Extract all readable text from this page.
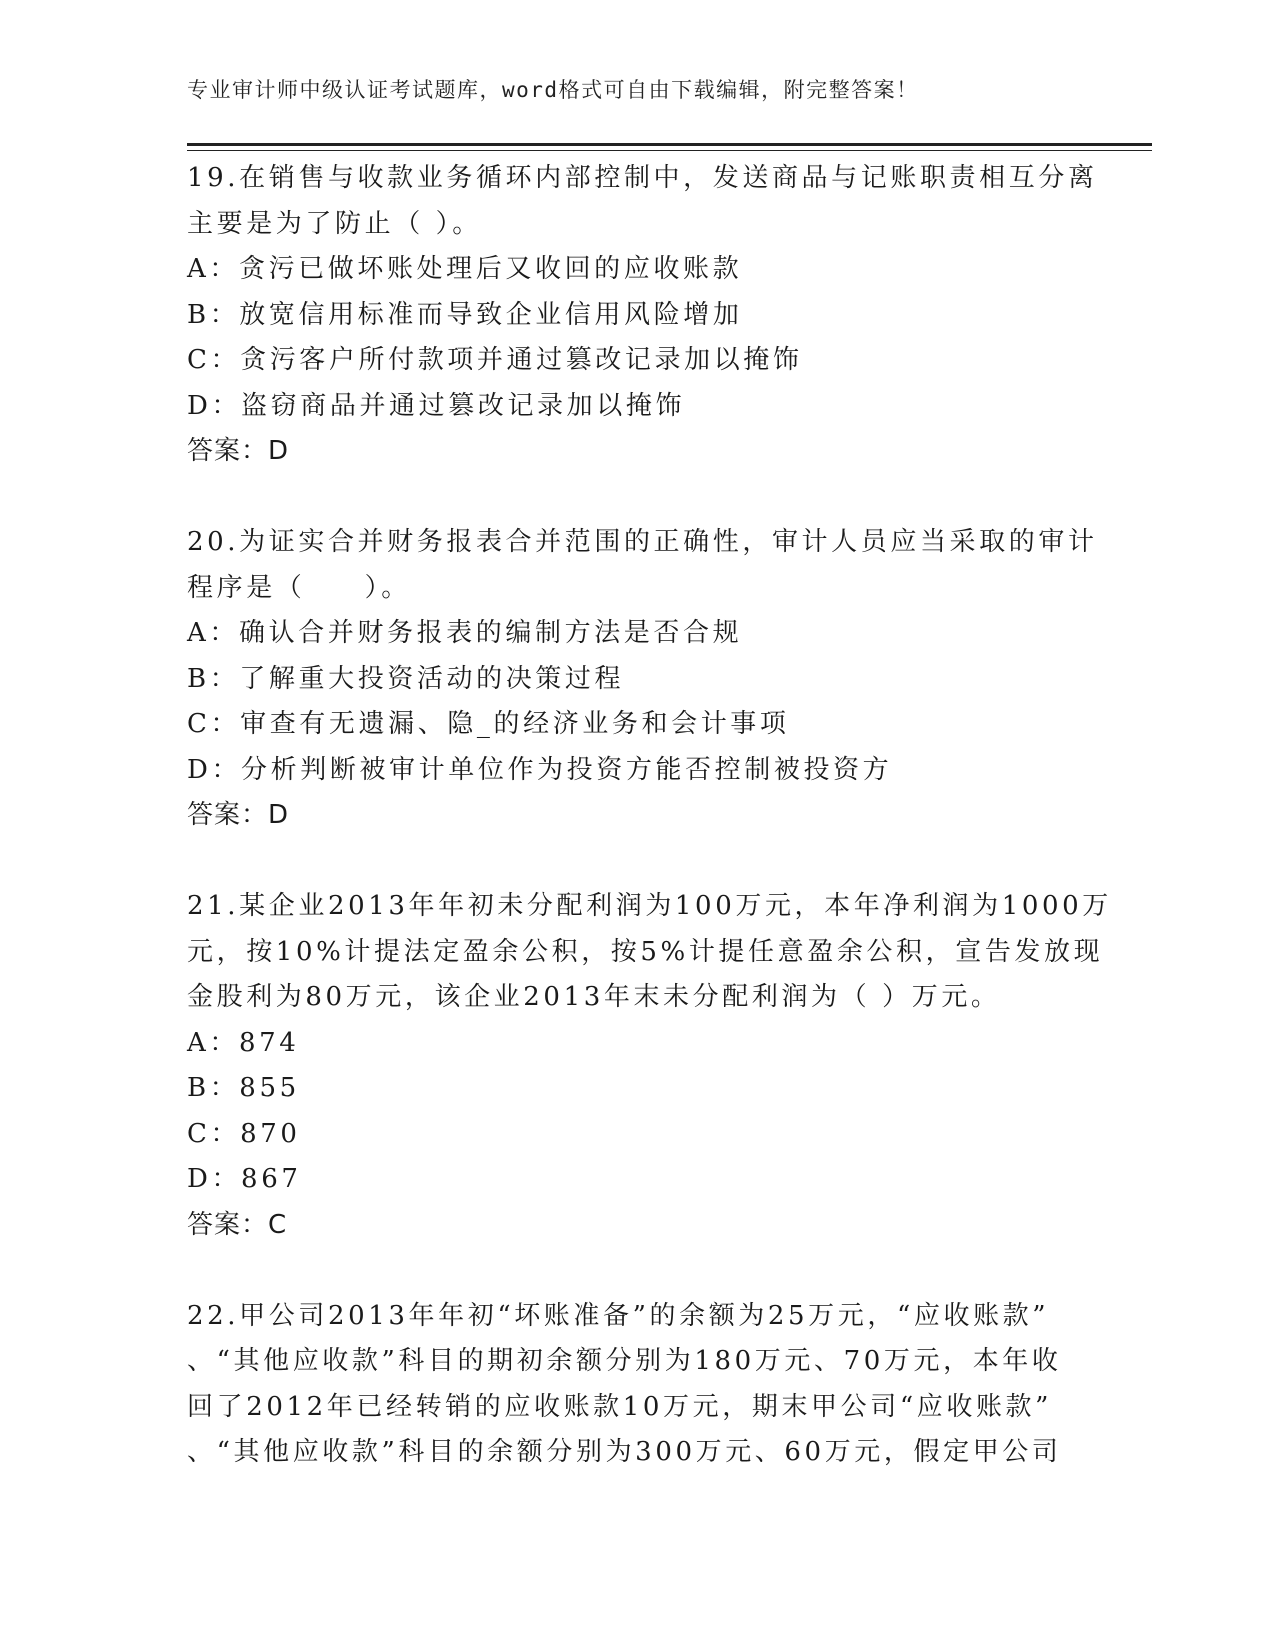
专业审计师中级认证考试题库，word格式可自由下载编辑，附完整答案！
19.在销售与收款业务循环内部控制中，发送商品与记账职责相互分离
主要是为了防止（ ）。
A：贪污已做坏账处理后又收回的应收账款
B：放宽信用标准而导致企业信用风险增加
C：贪污客户所付款项并通过篡改记录加以掩饰
D：盗窃商品并通过篡改记录加以掩饰
答案：D
20.为证实合并财务报表合并范围的正确性，审计人员应当采取的审计
程序是（　　）。
A：确认合并财务报表的编制方法是否合规
B：了解重大投资活动的决策过程
C：审查有无遗漏、隐_的经济业务和会计事项
D：分析判断被审计单位作为投资方能否控制被投资方
答案：D
21.某企业2013年年初未分配利润为100万元，本年净利润为1000万
元，按10%计提法定盈余公积，按5%计提任意盈余公积，宣告发放现
金股利为80万元，该企业2013年末未分配利润为（ ）万元。
A：874
B：855
C：870
D：867
答案：C
22.甲公司2013年年初“坏账准备”的余额为25万元，“应收账款”
、“其他应收款”科目的期初余额分别为180万元、70万元，本年收
回了2012年已经转销的应收账款10万元，期末甲公司“应收账款”
、“其他应收款”科目的余额分别为300万元、60万元，假定甲公司
